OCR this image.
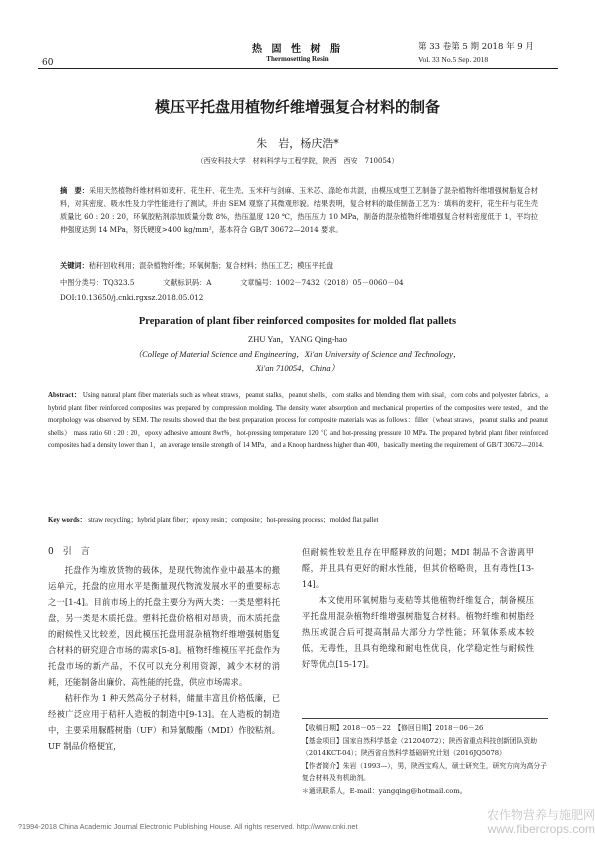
60
热 固 性 树 脂
Thermosetting Resin
第 33 卷第 5 期 2018 年 9 月
Vol. 33 No.5 Sep. 2018
模压平托盘用植物纤维增强复合材料的制备
朱　岩，杨庆浩*
（西安科技大学　材料科学与工程学院，陕西　西安　710054）
摘　要：采用天然植物纤维材料如麦秆、花生秆、花生壳、玉米秆与剑麻、玉米芯、涤纶布共混，由模压成型工艺制备了混杂植物纤维增强树脂复合材料，对其密度、吸水性及力学性能进行了测试，并由 SEM 观察了其微观形貌。结果表明，复合材料的最佳制备工艺为：填料的麦秆，花生秆与花生壳质量比 60 : 20 : 20，环氧胶粘剂添加质量分数 8%，热压温度 120 ℃，热压压力 10 MPa，制备的混杂植物纤维增强复合材料密度低于 1，平均拉伸强度达到 14 MPa，努氏硬度>400 kg/mm²，基本符合 GB/T 30672—2014 要求。
关键词：秸秆回收利用；混杂植物纤维；环氧树脂；复合材料；热压工艺；模压平托盘
中图分类号：TQ323.5　　　　文献标识码：A　　　　文章编号：1002－7432（2018）05－0060－04
DOI:10.13650/j.cnki.rgxsz.2018.05.012
Preparation of plant fiber reinforced composites for molded flat pallets
ZHU Yan，YANG Qing-hao
（College of Material Science and Engineering，Xi'an University of Science and Technology，
Xi'an 710054，China）
Abstract： Using natural plant fiber materials such as wheat straws，peanut stalks，peanut shells，corn stalks and blending them with sisal，corn cobs and polyester fabrics，a hybrid plant fiber reinforced composites was prepared by compression molding. The density water absorption and mechanical properties of the composites were tested，and the morphology was observed by SEM. The results showed that the best preparation process for composite materials was as follows：filler（wheat straws，peanut stalks and peanut shells） mass ratio 60 : 20 : 20，epoxy adhesive amount 8wt%，hot-pressing temperature 120 ℃ and hot-pressing pressure 10 MPa. The prepared hybrid plant fiber reinforced composites had a density lower than 1，an average tensile strength of 14 MPa，and a Knoop hardness higher than 400，basically meeting the requirement of GB/T 30672—2014.
Key words： straw recycling；hybrid plant fiber；epoxy resin；composite；hot-pressing process；molded flat pallet

0　引　言

托盘作为堆放货物的载体，是现代物流作业中最基本的搬运单元，托盘的应用水平是衡量现代物流发展水平的重要标志之一[1-4]。目前市场上的托盘主要分为两大类：一类是塑料托盘，另一类是木质托盘。塑料托盘价格相对昂贵，而木质托盘的耐候性又比较差，因此模压托盘用混杂植物纤维增强树脂复合材料的研究迎合市场的需求[5-8]。植物纤维模压平托盘作为托盘市场的新产品，不仅可以充分利用资源，减少木材的消耗，还能制备出廉价、高性能的托盘，供应市场需求。

秸秆作为 1 种天然高分子材料，储量丰富且价格低廉，已经被广泛应用于秸秆人造板的制造中[9-13]。在人造板的制造中，主要采用脲醛树脂（UF）和异氰酸酯（MDI）作胶粘剂。UF 制品价格便宜，

但耐候性较差且存在甲醛释放的问题；MDI 制品不含游离甲醛，并且具有更好的耐水性能，但其价格略贵，且有毒性[13-14]。

本文使用环氧树脂与麦秸等其他植物纤维复合，制备模压平托盘用混杂植物纤维增强树脂复合材料。植物纤维和树脂经热压或混合后可提高制品大部分力学性能；环氧体系成本较低，无毒性，且具有绝缘和耐电性优良，化学稳定性与耐候性好等优点[15-17]。

【收稿日期】2018－05－22　【修回日期】2018－06－26

【基金项目】国家自然科学基金（21204072）；陕西省重点科技创新团队资助（2014KCT-04）；陕西省自然科学基础研究计划（2016JQ5078）

【作者简介】朱岩（1993—），男，陕西宝鸡人，硕士研究生，研究方向为高分子复合材料及有机助剂。

＊通讯联系人，E-mail：yangqing@hotmail.com。

?1994-2018 China Academic Journal Electronic Publishing House. All rights reserved. http://www.cnki.net
农作物营养与施肥网 www.fibercrops.com
